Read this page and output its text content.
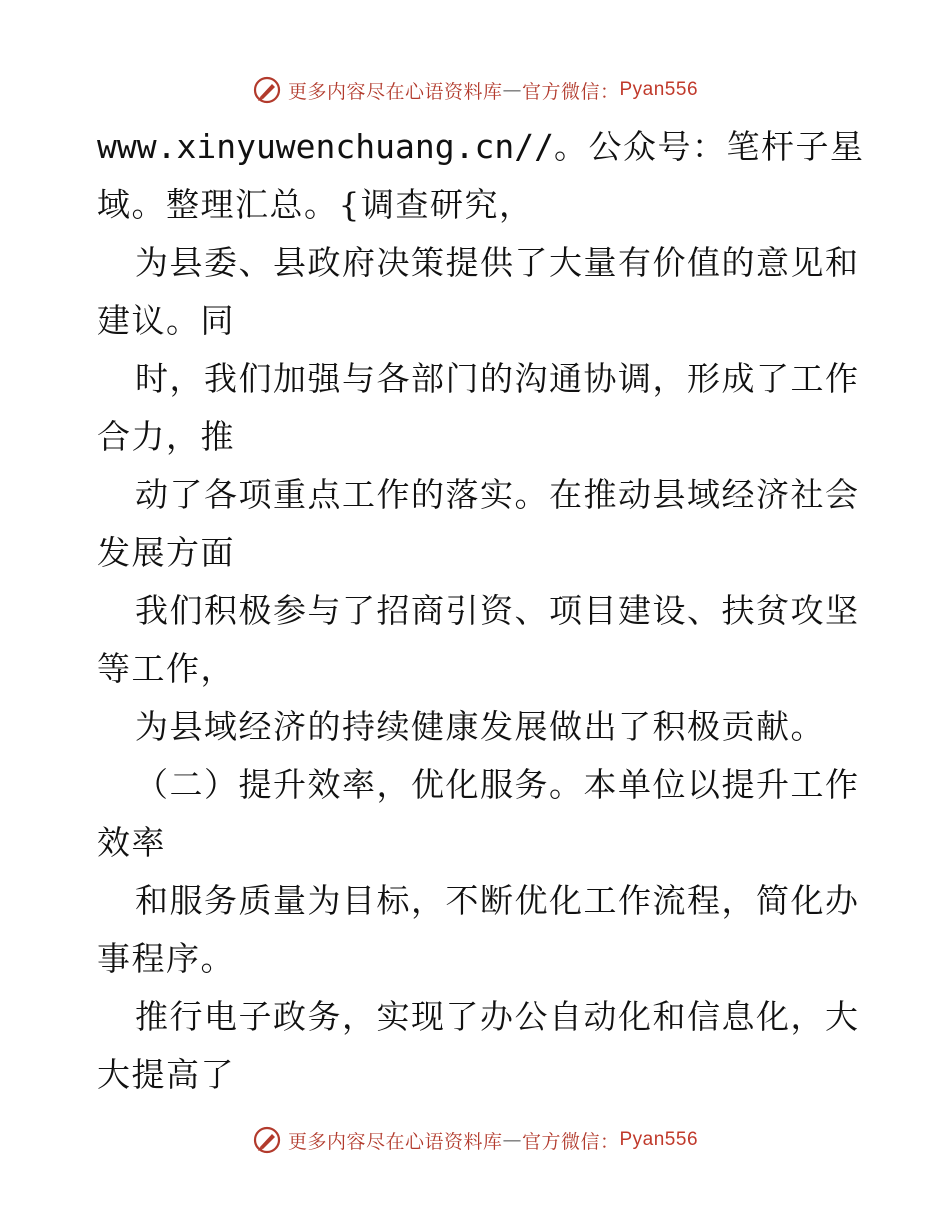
更多内容尽在心语资料库 — 官方微信： Pyan556
www.xinyuwenchuang.cn//。公众号：笔杆子星
域。整理汇总。{调查研究，
为县委、县政府决策提供了大量有价值的意见和
建议。同
时，我们加强与各部门的沟通协调，形成了工作
合力，推
动了各项重点工作的落实。在推动县域经济社会
发展方面
我们积极参与了招商引资、项目建设、扶贫攻坚
等工作，
为县域经济的持续健康发展做出了积极贡献。
（二）提升效率，优化服务。本单位以提升工作
效率
和服务质量为目标，不断优化工作流程，简化办
事程序。
推行电子政务，实现了办公自动化和信息化，大
大提高了
更多内容尽在心语资料库 — 官方微信： Pyan556
